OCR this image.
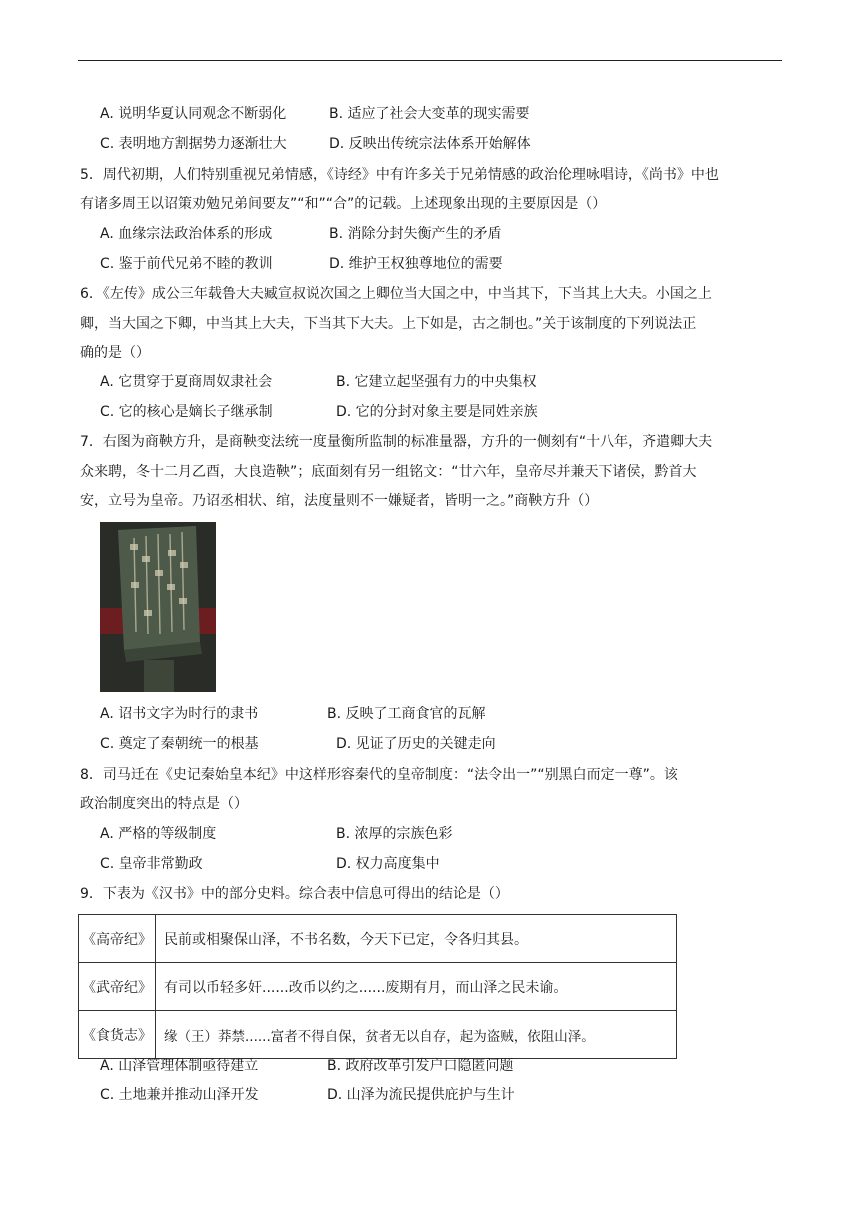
A. 说明华夏认同观念不断弱化	B. 适应了社会大变革的现实需要
C. 表明地方割据势力逐渐壮大	D. 反映出传统宗法体系开始解体
5．周代初期，人们特别重视兄弟情感，《诗经》中有许多关于兄弟情感的政治伦理咏唱诗，《尚书》中也
有诸多周王以诏策劝勉兄弟间要友”“和”“合”的记载。上述现象出现的主要原因是（）
A. 血缘宗法政治体系的形成	B. 消除分封失衡产生的矛盾
C. 鉴于前代兄弟不睦的教训	D. 维护王权独尊地位的需要
6．《左传》成公三年载鲁大夫臧宣叔说次国之上卿位当大国之中，中当其下，下当其上大夫。小国之上
卿，当大国之下卿，中当其上大夫，下当其下大夫。上下如是，古之制也。”关于该制度的下列说法正
确的是（）
A. 它贯穿于夏商周奴隶社会	B. 它建立起坚强有力的中央集权
C. 它的核心是嫡长子继承制	D. 它的分封对象主要是同姓亲族
7．右图为商鞅方升，是商鞅变法统一度量衡所监制的标准量器，方升的一侧刻有“十八年，齐遣卿大夫
众来聘，冬十二月乙酉，大良造鞅”；底面刻有另一组铭文：“廿六年，皇帝尽并兼天下诸侯，黔首大
安，立号为皇帝。乃诏丞相状、绾，法度量则不一嫌疑者，皆明一之。”商鞅方升（）
A. 诏书文字为时行的隶书	B. 反映了工商食官的瓦解
C. 奠定了秦朝统一的根基	D. 见证了历史的关键走向
8．司马迁在《史记秦始皇本纪》中这样形容秦代的皇帝制度：“法令出一”“别黑白而定一尊”。该
政治制度突出的特点是（）
A. 严格的等级制度	B. 浓厚的宗族色彩
C. 皇帝非常勤政	D. 权力高度集中
9．下表为《汉书》中的部分史料。综合表中信息可得出的结论是（）
《高帝纪》	民前或相聚保山泽，不书名数，今天下已定，令各归其县。
《武帝纪》	有司以币轻多奸......改币以约之......废期有月，而山泽之民未谕。
《食货志》	缘（王）莽禁......富者不得自保，贫者无以自存，起为盗贼，依阻山泽。
A. 山泽管理体制亟待建立	B. 政府改革引发户口隐匿问题
C. 土地兼并推动山泽开发	D. 山泽为流民提供庇护与生计
